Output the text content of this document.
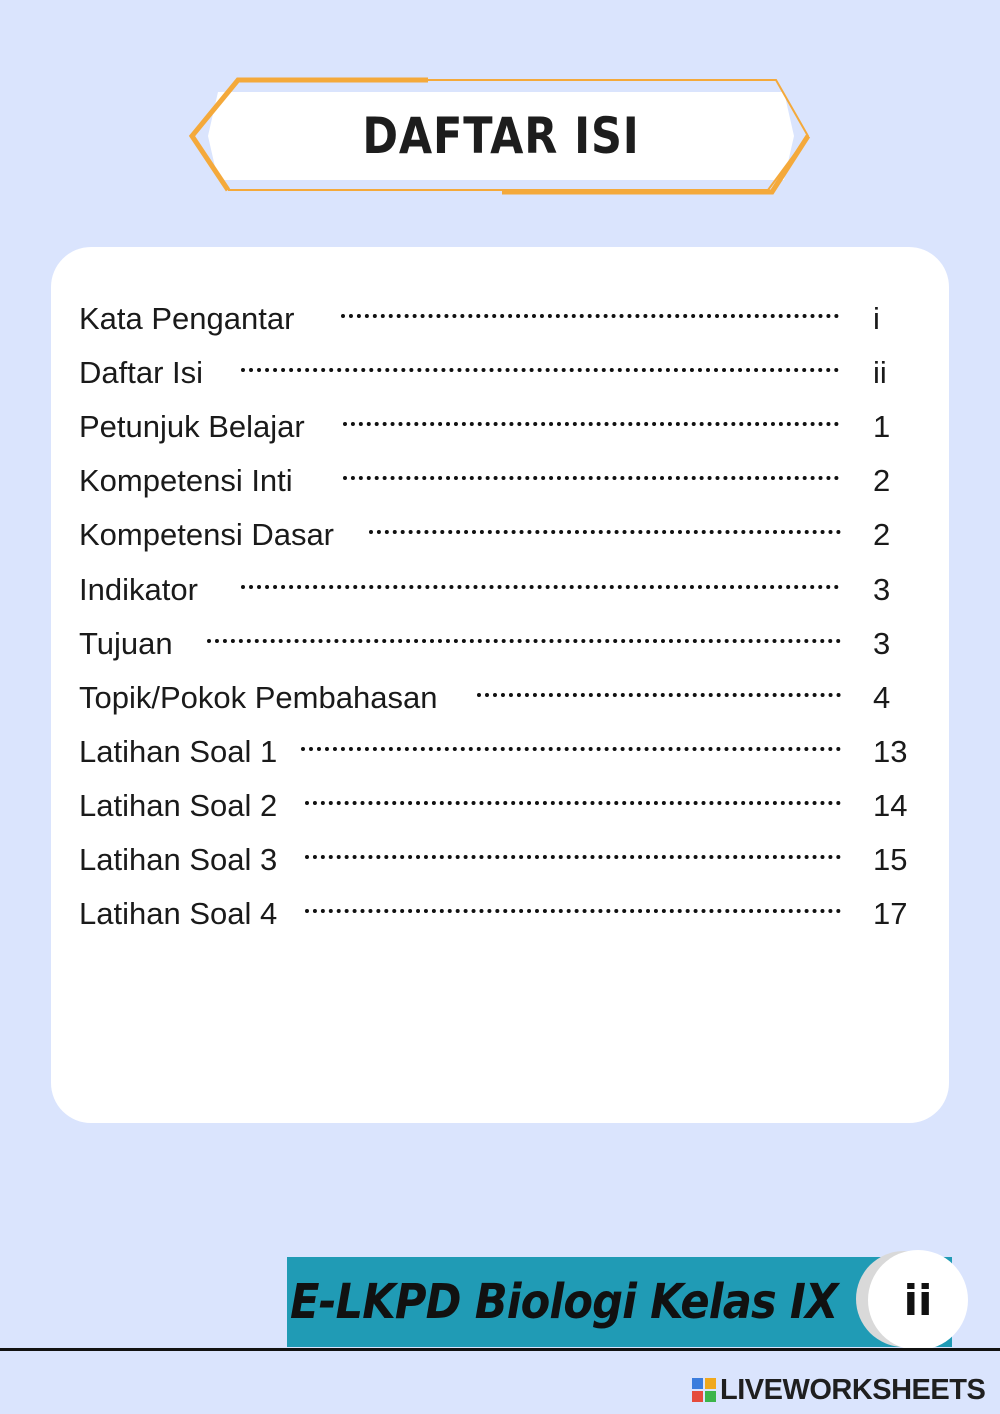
DAFTAR ISI
Kata Pengantar	i
Daftar Isi	ii
Petunjuk Belajar	1
Kompetensi Inti	2
Kompetensi Dasar	2
Indikator	3
Tujuan	3
Topik/Pokok Pembahasan	4
Latihan Soal 1	13
Latihan Soal 2	14
Latihan Soal 3	15
Latihan Soal 4	17
E-LKPD Biologi Kelas IX ii
LIVEWORKSHEETS
